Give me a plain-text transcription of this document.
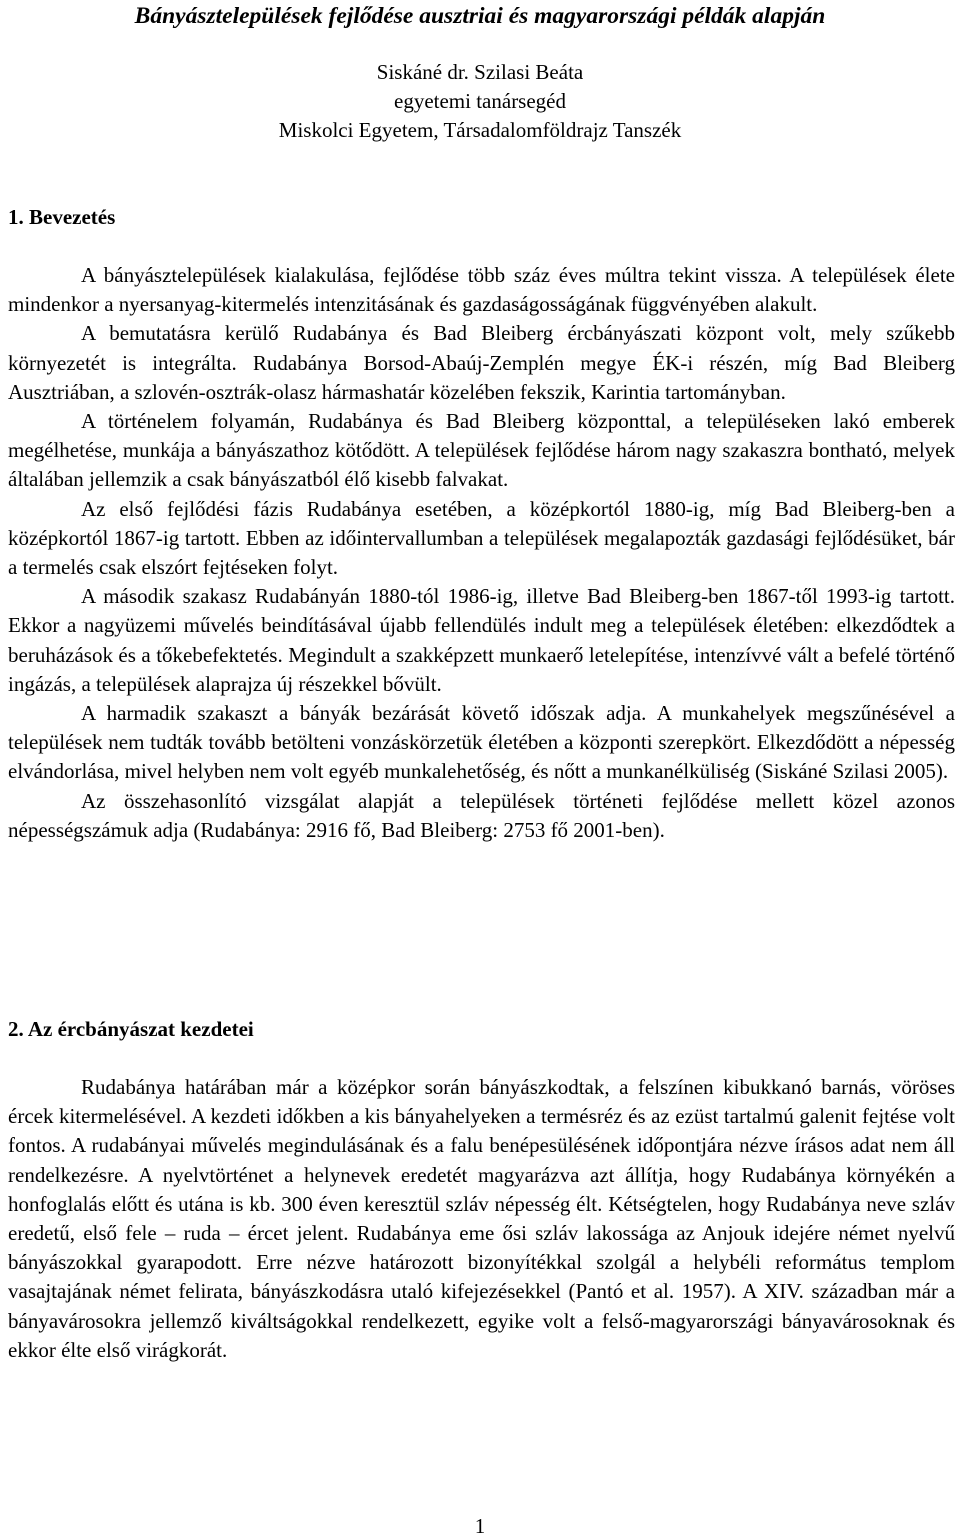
Bányásztelepülések fejlődése ausztriai és magyarországi példák alapján
Siskáné dr. Szilasi Beáta
egyetemi tanársegéd
Miskolci Egyetem, Társadalomföldrajz Tanszék
1. Bevezetés

A bányásztelepülések kialakulása, fejlődése több száz éves múltra tekint vissza. A települések élete mindenkor a nyersanyag-kitermelés intenzitásának és gazdaságosságának függvényében alakult.

A bemutatásra kerülő Rudabánya és Bad Bleiberg ércbányászati központ volt, mely szűkebb környezetét is integrálta. Rudabánya Borsod-Abaúj-Zemplén megye ÉK-i részén, míg Bad Bleiberg Ausztriában, a szlovén-osztrák-olasz hármashatár közelében fekszik, Karintia tartományban.

A történelem folyamán, Rudabánya és Bad Bleiberg központtal, a településeken lakó emberek megélhetése, munkája a bányászathoz kötődött. A települések fejlődése három nagy szakaszra bontható, melyek általában jellemzik a csak bányászatból élő kisebb falvakat.

Az első fejlődési fázis Rudabánya esetében, a középkortól 1880-ig, míg Bad Bleiberg-ben a középkortól 1867-ig tartott. Ebben az időintervallumban a települések megalapozták gazdasági fejlődésüket, bár a termelés csak elszórt fejtéseken folyt.

A második szakasz Rudabányán 1880-tól 1986-ig, illetve Bad Bleiberg-ben 1867-től 1993-ig tartott. Ekkor a nagyüzemi művelés beindításával újabb fellendülés indult meg a települések életében: elkezdődtek a beruházások és a tőkebefektetés. Megindult a szakképzett munkaerő letelepítése, intenzívvé vált a befelé történő ingázás, a települések alaprajza új részekkel bővült.

A harmadik szakaszt a bányák bezárását követő időszak adja. A munkahelyek megszűnésével a települések nem tudták tovább betölteni vonzáskörzetük életében a központi szerepkört. Elkezdődött a népesség elvándorlása, mivel helyben nem volt egyéb munkalehetőség, és nőtt a munkanélküliség (Siskáné Szilasi 2005).

Az összehasonlító vizsgálat alapját a települések történeti fejlődése mellett közel azonos népességszámuk adja (Rudabánya: 2916 fő, Bad Bleiberg: 2753 fő 2001-ben).

2. Az ércbányászat kezdetei

Rudabánya határában már a középkor során bányászkodtak, a felszínen kibukkanó barnás, vöröses ércek kitermelésével. A kezdeti időkben a kis bányahelyeken a termésréz és az ezüst tartalmú galenit fejtése volt fontos. A rudabányai művelés megindulásának és a falu benépesülésének időpontjára nézve írásos adat nem áll rendelkezésre. A nyelvtörténet a helynevek eredetét magyarázva azt állítja, hogy Rudabánya környékén a honfoglalás előtt és utána is kb. 300 éven keresztül szláv népesség élt. Kétségtelen, hogy Rudabánya neve szláv eredetű, első fele – ruda – ércet jelent. Rudabánya eme ősi szláv lakossága az Anjouk idejére német nyelvű bányászokkal gyarapodott. Erre nézve határozott bizonyítékkal szolgál a helybéli református templom vasajtajának német felirata, bányászkodásra utaló kifejezésekkel (Pantó et al. 1957). A XIV. században már a bányavárosokra jellemző kiváltságokkal rendelkezett, egyike volt a felső-magyarországi bányavárosoknak és ekkor élte első virágkorát.

1
